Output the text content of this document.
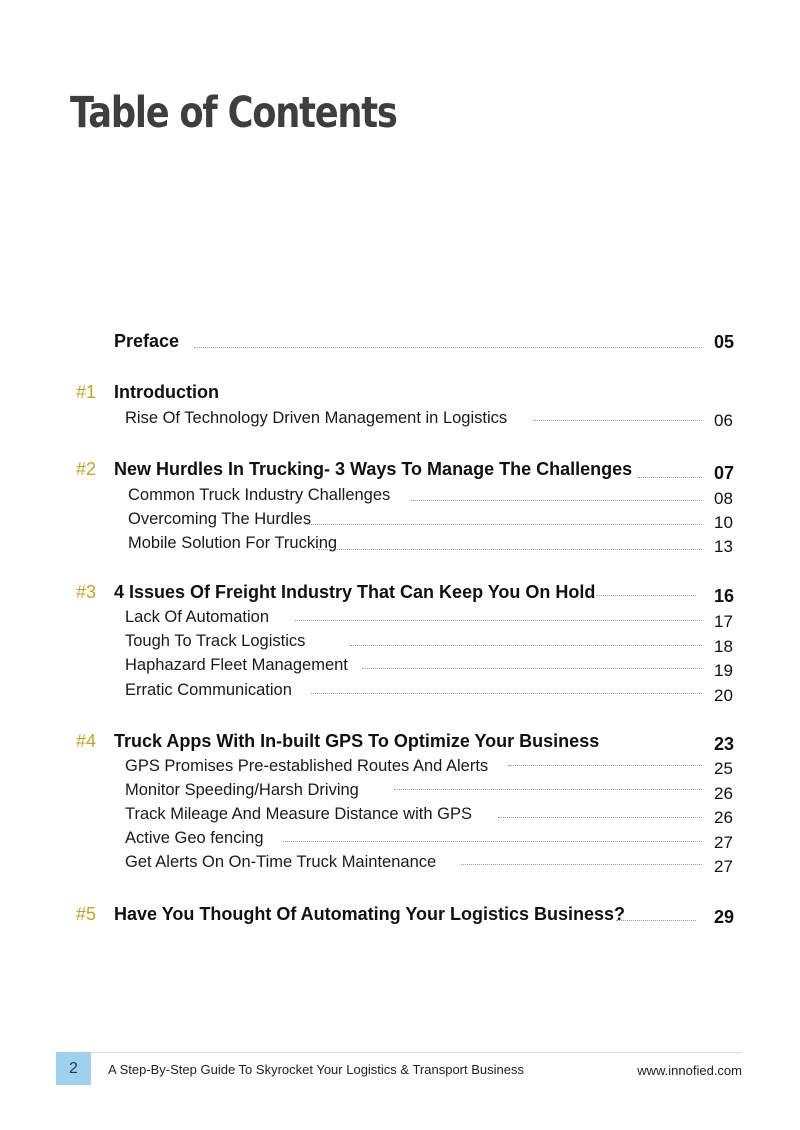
Table of Contents
Preface	05
#1 Introduction
Rise Of Technology Driven Management in Logistics	06
#2 New Hurdles In Trucking- 3 Ways To Manage The Challenges	07
Common Truck Industry Challenges	08
Overcoming The Hurdles	10
Mobile Solution For Trucking	13
#3 4 Issues Of Freight Industry That Can Keep You On Hold	16
Lack Of Automation	17
Tough To Track Logistics	18
Haphazard Fleet Management	19
Erratic Communication	20
#4 Truck Apps With In-built GPS To Optimize Your Business	23
GPS Promises Pre-established Routes And Alerts	25
Monitor Speeding/Harsh Driving	26
Track Mileage And Measure Distance with GPS	26
Active Geo fencing	27
Get Alerts On On-Time Truck Maintenance	27
#5 Have You Thought Of Automating Your Logistics Business?	29
2	A Step-By-Step Guide To Skyrocket Your Logistics & Transport Business	www.innofied.com
